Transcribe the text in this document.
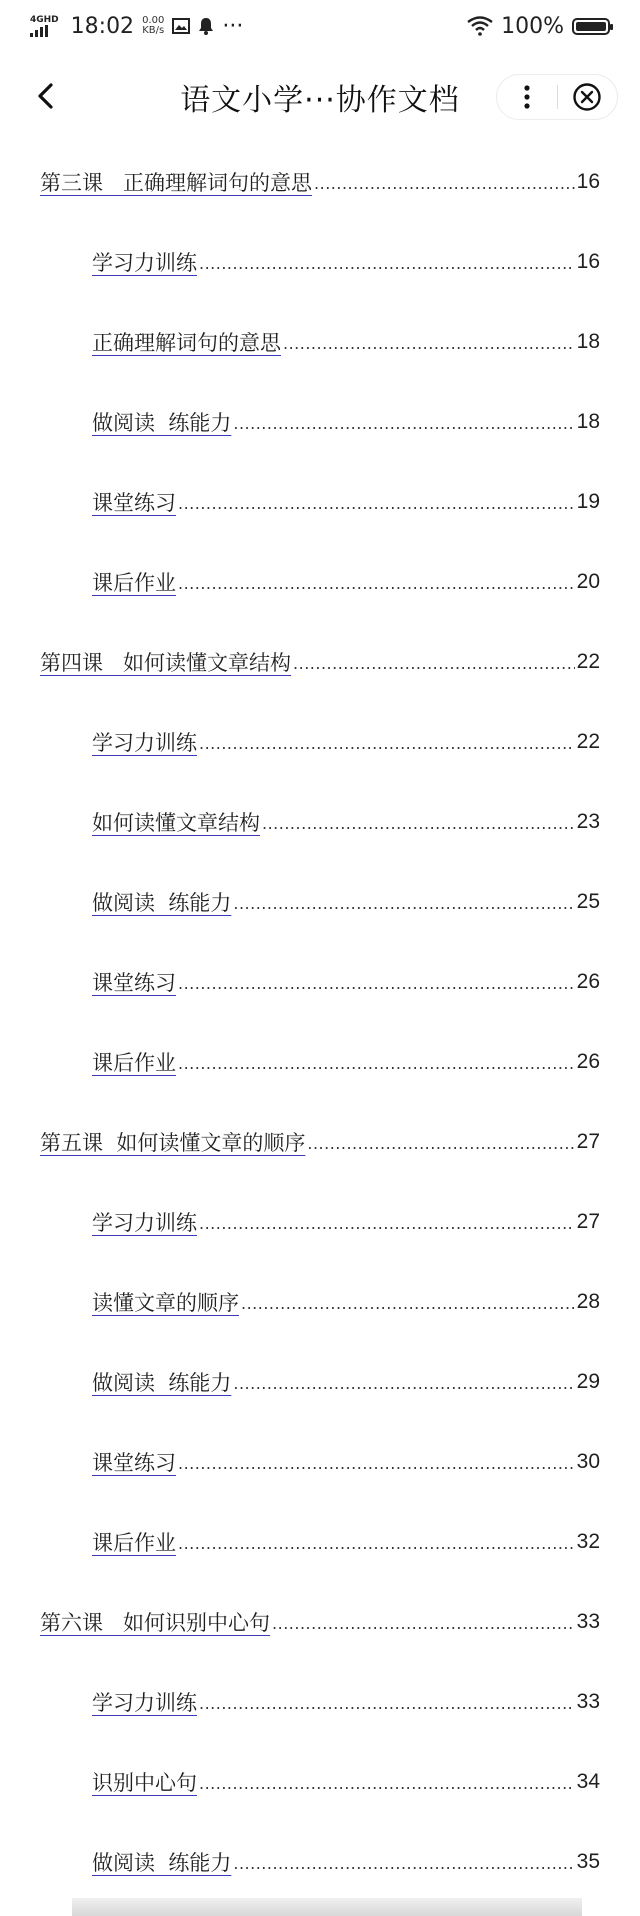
4GHD 18:02 0.00
KB/s	···	100%
语文小学···协作文档
第三课   正确理解词句的意思 .....	16
学习力训练 .....	16
正确理解词句的意思 .....	18
做阅读  练能力 .....	18
课堂练习 .....	19
课后作业 .....	20
第四课   如何读懂文章结构 .....	22
学习力训练 .....	22
如何读懂文章结构 .....	23
做阅读  练能力 .....	25
课堂练习 .....	26
课后作业 .....	26
第五课  如何读懂文章的顺序 .....	27
学习力训练 .....	27
读懂文章的顺序 .....	28
做阅读  练能力 .....	29
课堂练习 .....	30
课后作业 .....	32
第六课   如何识别中心句 .....	33
学习力训练 .....	33
识别中心句 .....	34
做阅读  练能力 .....	35
